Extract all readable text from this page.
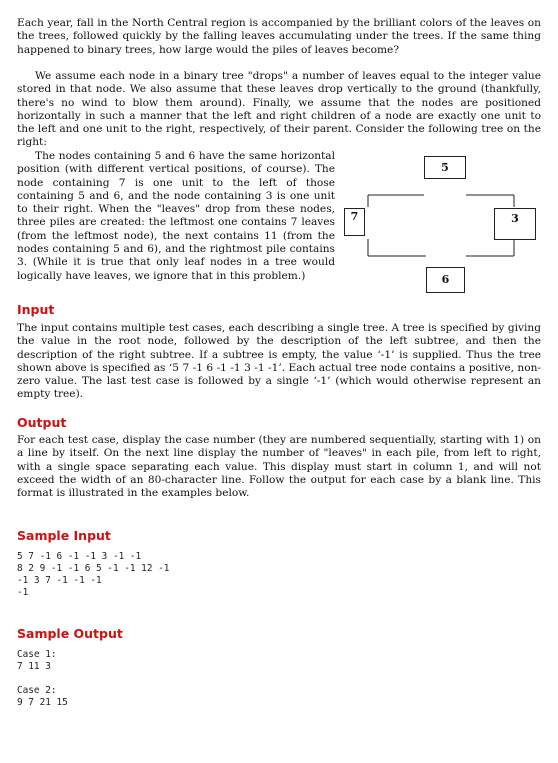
Each year, fall in the North Central region is accompanied by the brilliant colors of the leaves on the trees, followed quickly by the falling leaves accumulating under the trees. If the same thing happened to binary trees, how large would the piles of leaves become?

We assume each node in a binary tree "drops" a number of leaves equal to the integer value stored in that node. We also assume that these leaves drop vertically to the ground (thankfully, there's no wind to blow them around). Finally, we assume that the nodes are positioned horizontally in such a manner that the left and right children of a node are exactly one unit to the left and one unit to the right, respectively, of their parent. Consider the following tree on the right:

The nodes containing 5 and 6 have the same horizontal position (with different vertical positions, of course). The node containing 7 is one unit to the left of those containing 5 and 6, and the node containing 3 is one unit to their right. When the "leaves" drop from these nodes, three piles are created: the leftmost one contains 7 leaves (from the leftmost node), the next contains 11 (from the nodes containing 5 and 6), and the rightmost pile contains 3. (While it is true that only leaf nodes in a tree would logically have leaves, we ignore that in this problem.)

5
7	3
6
Input

The input contains multiple test cases, each describing a single tree. A tree is specified by giving the value in the root node, followed by the description of the left subtree, and then the description of the right subtree. If a subtree is empty, the value ‘-1’ is supplied. Thus the tree shown above is specified as ‘5 7 -1 6 -1 -1 3 -1 -1’. Each actual tree node contains a positive, non-zero value. The last test case is followed by a single ‘-1’ (which would otherwise represent an empty tree).

Output

For each test case, display the case number (they are numbered sequentially, starting with 1) on a line by itself. On the next line display the number of "leaves" in each pile, from left to right, with a single space separating each value. This display must start in column 1, and will not exceed the width of an 80-character line. Follow the output for each case by a blank line. This format is illustrated in the examples below.

Sample Input
5 7 -1 6 -1 -1 3 -1 -1
8 2 9 -1 -1 6 5 -1 -1 12 -1
-1 3 7 -1 -1 -1
-1
Sample Output
Case 1:
7 11 3

Case 2:
9 7 21 15
